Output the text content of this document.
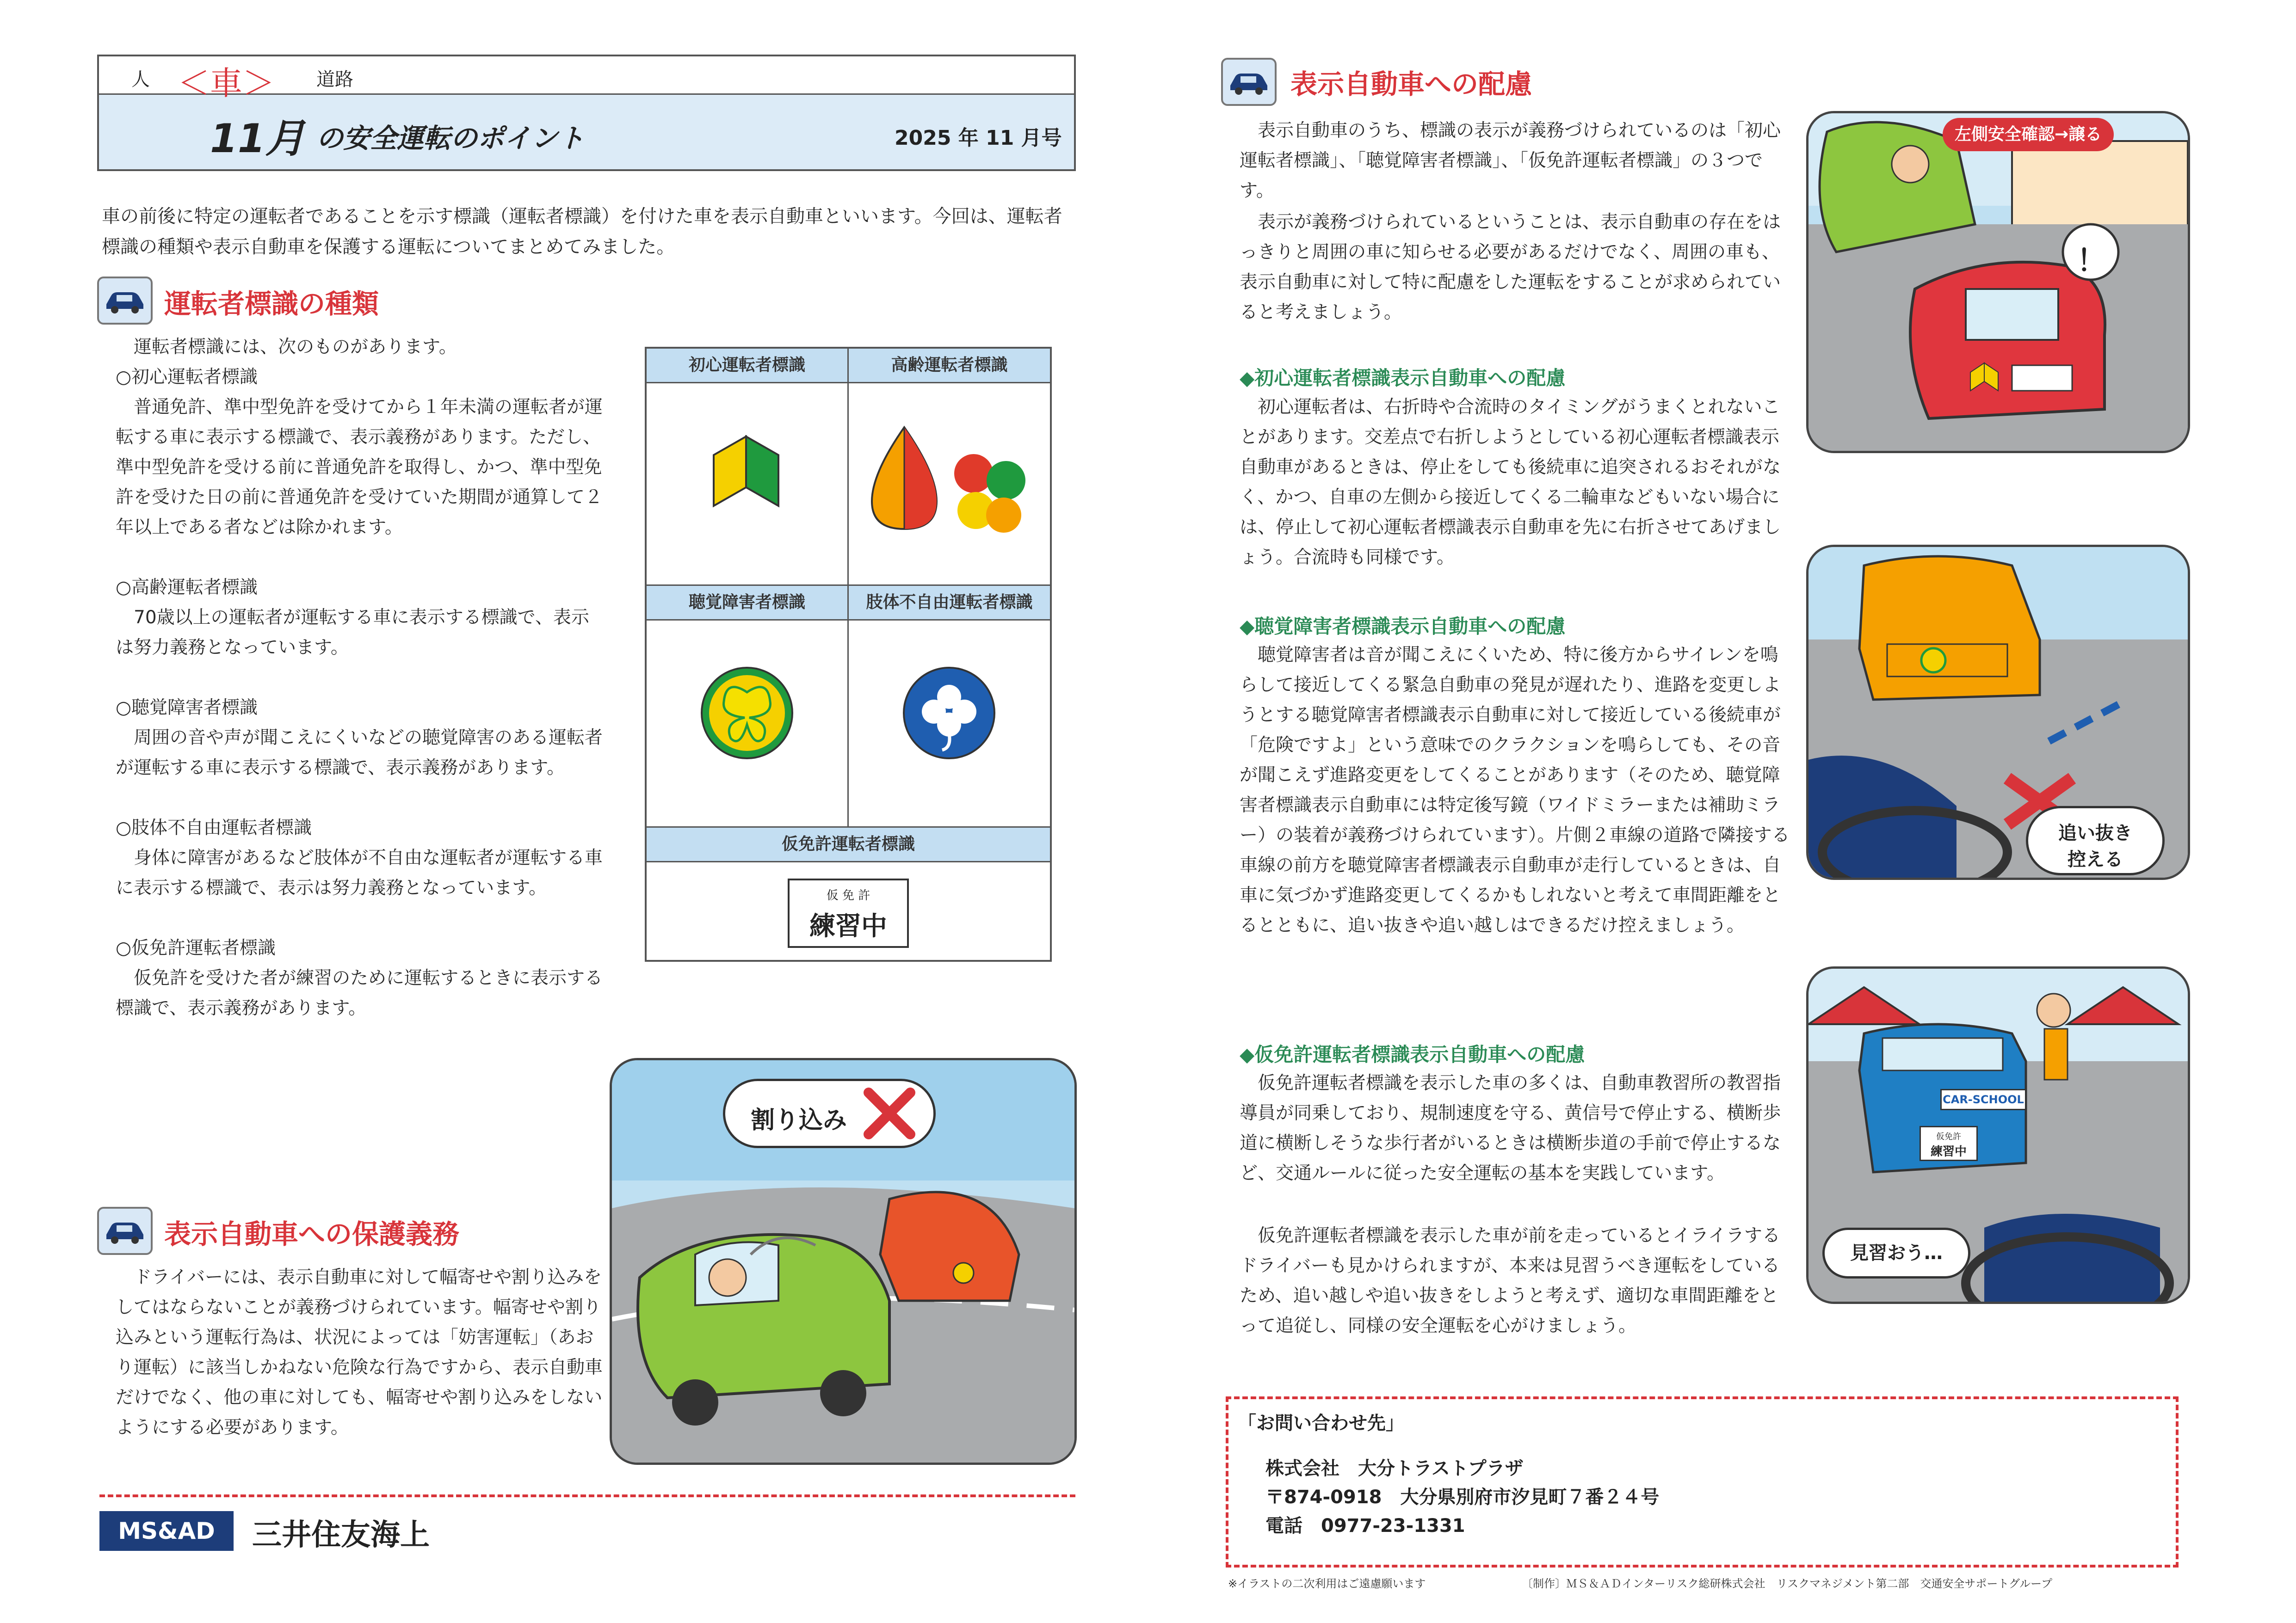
人 ＜車＞ 道路
11月 の安全運転のポイント	2025 年 11 月号
車の前後に特定の運転者であることを示す標識（運転者標識）を付けた車を表示自動車といいます。今回は、運転者標識の種類や表示自動車を保護する運転についてまとめてみました。
運転者標識の種類

　運転者標識には、次のものがあります。

○初心運転者標識

　普通免許、準中型免許を受けてから１年未満の運転者が運転する車に表示する標識で、表示義務があります。ただし、準中型免許を受ける前に普通免許を取得し、かつ、準中型免許を受けた日の前に普通免許を受けていた期間が通算して２年以上である者などは除かれます。

○高齢運転者標識

　70歳以上の運転者が運転する車に表示する標識で、表示は努力義務となっています。

○聴覚障害者標識

　周囲の音や声が聞こえにくいなどの聴覚障害のある運転者が運転する車に表示する標識で、表示義務があります。

○肢体不自由運転者標識

　身体に障害があるなど肢体が不自由な運転者が運転する車に表示する標識で、表示は努力義務となっています。

○仮免許運転者標識

　仮免許を受けた者が練習のために運転するときに表示する標識で、表示義務があります。

初心運転者標識	高齢運転者標識
聴覚障害者標識	肢体不自由運転者標識
仮免許運転者標識
仮 免 許
練習中
割り込み
表示自動車への保護義務
　ドライバーには、表示自動車に対して幅寄せや割り込みをしてはならないことが義務づけられています。幅寄せや割り込みという運転行為は、状況によっては「妨害運転」（あおり運転）に該当しかねない危険な行為ですから、表示自動車だけでなく、他の車に対しても、幅寄せや割り込みをしないようにする必要があります。
MS&AD	三井住友海上
表示自動車への配慮
　表示自動車のうち、標識の表示が義務づけられているのは「初心運転者標識」、「聴覚障害者標識」、「仮免許運転者標識」の３つです。
　表示が義務づけられているということは、表示自動車の存在をはっきりと周囲の車に知らせる必要があるだけでなく、周囲の車も、表示自動車に対して特に配慮をした運転をすることが求められていると考えましょう。
◆初心運転者標識表示自動車への配慮
　初心運転者は、右折時や合流時のタイミングがうまくとれないことがあります。交差点で右折しようとしている初心運転者標識表示自動車があるときは、停止をしても後続車に追突されるおそれがなく、かつ、自車の左側から接近してくる二輪車などもいない場合には、停止して初心運転者標識表示自動車を先に右折させてあげましょう。合流時も同様です。
◆聴覚障害者標識表示自動車への配慮
　聴覚障害者は音が聞こえにくいため、特に後方からサイレンを鳴らして接近してくる緊急自動車の発見が遅れたり、進路を変更しようとする聴覚障害者標識表示自動車に対して接近している後続車が「危険ですよ」という意味でのクラクションを鳴らしても、その音が聞こえず進路変更をしてくることがあります（そのため、聴覚障害者標識表示自動車には特定後写鏡（ワイドミラーまたは補助ミラー）の装着が義務づけられています）。片側２車線の道路で隣接する車線の前方を聴覚障害者標識表示自動車が走行しているときは、自車に気づかず進路変更してくるかもしれないと考えて車間距離をとるとともに、追い抜きや追い越しはできるだけ控えましょう。
◆仮免許運転者標識表示自動車への配慮
　仮免許運転者標識を表示した車の多くは、自動車教習所の教習指導員が同乗しており、規制速度を守る、黄信号で停止する、横断歩道に横断しそうな歩行者がいるときは横断歩道の手前で停止するなど、交通ルールに従った安全運転の基本を実践しています。
　仮免許運転者標識を表示した車が前を走っているとイライラするドライバーも見かけられますが、本来は見習うべき運転をしているため、追い越しや追い抜きをしようと考えず、適切な車間距離をとって追従し、同様の安全運転を心がけましょう。
左側安全確認→譲る
！
追い抜き
控える
CAR-SCHOOL
仮免許
練習中
見習おう…
「お問い合わせ先」
株式会社　大分トラストプラザ
〒874-0918　大分県別府市汐見町７番２４号
電話　0977-23-1331
※イラストの二次利用はご遠慮願います	〔制作〕ＭＳ＆ＡＤインターリスク総研株式会社　リスクマネジメント第二部　交通安全サポートグループ
